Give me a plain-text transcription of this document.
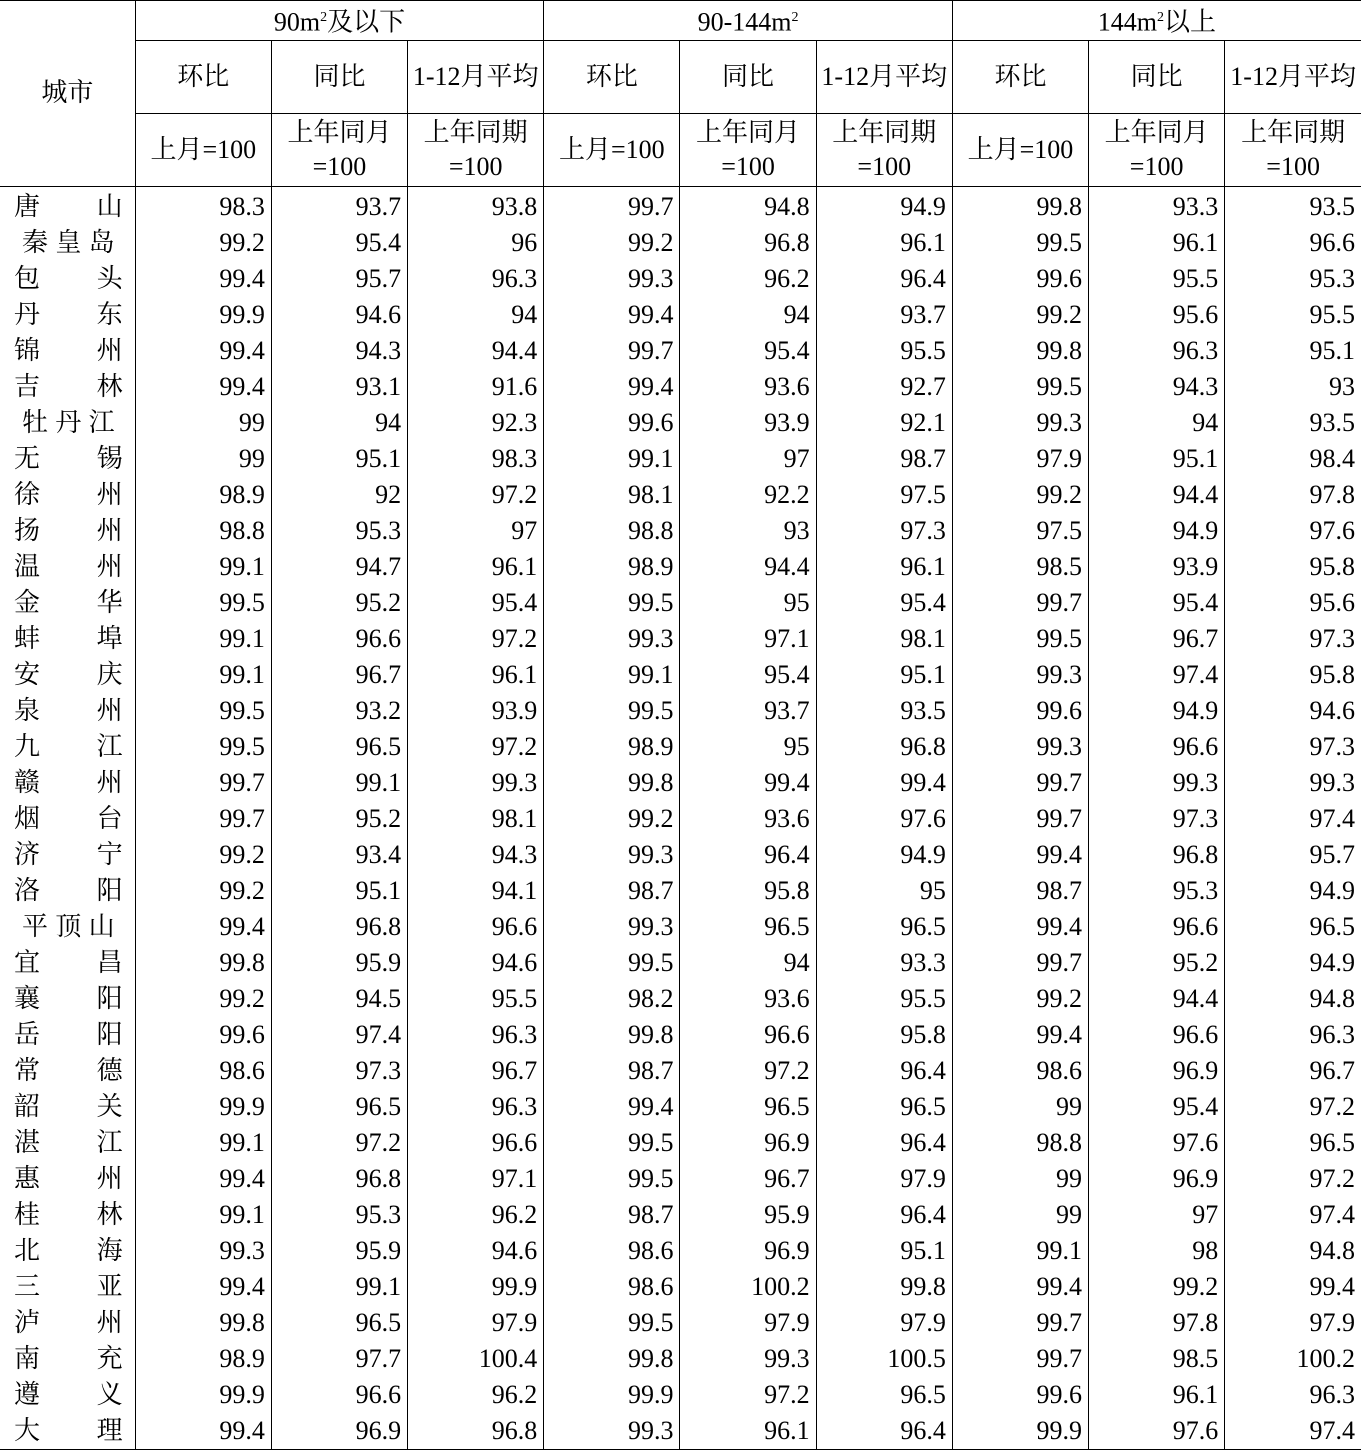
城市	$90m^2$及以下			$90-144m^2$			$144m^2$以上		
	环比	同比	1-12月平均	环比	同比	1-12月平均	环比	同比	1-12月平均
	上月=100	上年同月=100	上年同期=100	上月=100	上年同月=100	上年同期=100	上月=100	上年同月=100	上年同期=100

唐山	98.3	93.7	93.8	99.7	94.8	94.9	99.8	93.3	93.5

秦皇岛	99.2	95.4	96	99.2	96.8	96.1	99.5	96.1	96.6

包头	99.4	95.7	96.3	99.3	96.2	96.4	99.6	95.5	95.3

丹东	99.9	94.6	94	99.4	94	93.7	99.2	95.6	95.5

锦州	99.4	94.3	94.4	99.7	95.4	95.5	99.8	96.3	95.1

吉林	99.4	93.1	91.6	99.4	93.6	92.7	99.5	94.3	93

牡丹江	99	94	92.3	99.6	93.9	92.1	99.3	94	93.5

无锡	99	95.1	98.3	99.1	97	98.7	97.9	95.1	98.4

徐州	98.9	92	97.2	98.1	92.2	97.5	99.2	94.4	97.8

扬州	98.8	95.3	97	98.8	93	97.3	97.5	94.9	97.6

温州	99.1	94.7	96.1	98.9	94.4	96.1	98.5	93.9	95.8

金华	99.5	95.2	95.4	99.5	95	95.4	99.7	95.4	95.6

蚌埠	99.1	96.6	97.2	99.3	97.1	98.1	99.5	96.7	97.3

安庆	99.1	96.7	96.1	99.1	95.4	95.1	99.3	97.4	95.8

泉州	99.5	93.2	93.9	99.5	93.7	93.5	99.6	94.9	94.6

九江	99.5	96.5	97.2	98.9	95	96.8	99.3	96.6	97.3

赣州	99.7	99.1	99.3	99.8	99.4	99.4	99.7	99.3	99.3

烟台	99.7	95.2	98.1	99.2	93.6	97.6	99.7	97.3	97.4

济宁	99.2	93.4	94.3	99.3	96.4	94.9	99.4	96.8	95.7

洛阳	99.2	95.1	94.1	98.7	95.8	95	98.7	95.3	94.9

平顶山	99.4	96.8	96.6	99.3	96.5	96.5	99.4	96.6	96.5

宜昌	99.8	95.9	94.6	99.5	94	93.3	99.7	95.2	94.9

襄阳	99.2	94.5	95.5	98.2	93.6	95.5	99.2	94.4	94.8

岳阳	99.6	97.4	96.3	99.8	96.6	95.8	99.4	96.6	96.3

常德	98.6	97.3	96.7	98.7	97.2	96.4	98.6	96.9	96.7

韶关	99.9	96.5	96.3	99.4	96.5	96.5	99	95.4	97.2

湛江	99.1	97.2	96.6	99.5	96.9	96.4	98.8	97.6	96.5

惠州	99.4	96.8	97.1	99.5	96.7	97.9	99	96.9	97.2

桂林	99.1	95.3	96.2	98.7	95.9	96.4	99	97	97.4

北海	99.3	95.9	94.6	98.6	96.9	95.1	99.1	98	94.8

三亚	99.4	99.1	99.9	98.6	100.2	99.8	99.4	99.2	99.4

泸州	99.8	96.5	97.9	99.5	97.9	97.9	99.7	97.8	97.9

南充	98.9	97.7	100.4	99.8	99.3	100.5	99.7	98.5	100.2

遵义	99.9	96.6	96.2	99.9	97.2	96.5	99.6	96.1	96.3

大理	99.4	96.9	96.8	99.3	96.1	96.4	99.9	97.6	97.4
